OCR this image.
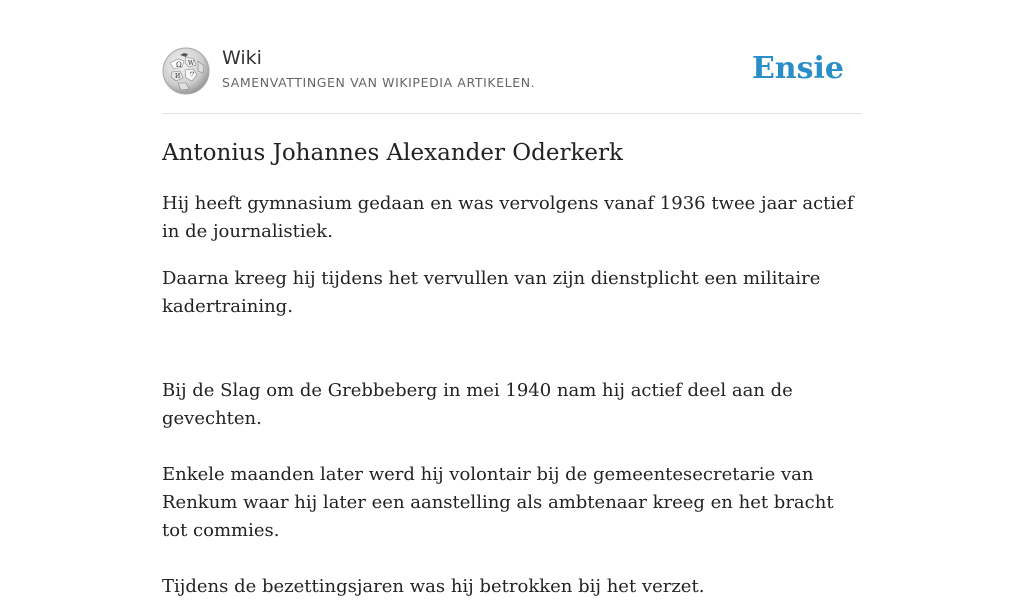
Ω W
И ウ
Wiki
SAMENVATTINGEN VAN WIKIPEDIA ARTIKELEN.	Ensie
Antonius Johannes Alexander Oderkerk

Hij heeft gymnasium gedaan en was vervolgens vanaf 1936 twee jaar actief in de journalistiek.

Daarna kreeg hij tijdens het vervullen van zijn dienstplicht een militaire kadertraining.

Bij de Slag om de Grebbeberg in mei 1940 nam hij actief deel aan de gevechten.

Enkele maanden later werd hij volontair bij de gemeentesecretarie van Renkum waar hij later een aanstelling als ambtenaar kreeg en het bracht tot commies.

Tijdens de bezettingsjaren was hij betrokken bij het verzet.
